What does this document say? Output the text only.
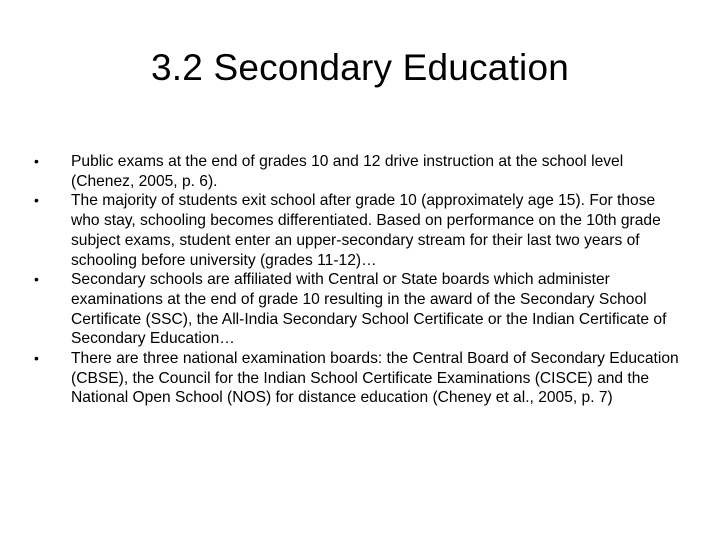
3.2 Secondary Education
•	Public exams at the end of grades 10 and 12 drive instruction at the school level (Chenez, 2005, p. 6).
•	The majority of students exit school after grade 10 (approximately age 15). For those who stay, schooling becomes differentiated. Based on performance on the 10th grade subject exams, student enter an upper-secondary stream for their last two years of schooling before university (grades 11-12)…
•	Secondary schools are affiliated with Central or State boards which administer examinations at the end of grade 10 resulting in the award of the Secondary School Certificate (SSC), the All-India Secondary School Certificate or the Indian Certificate of Secondary Education…
•	There are three national examination boards: the Central Board of Secondary Education (CBSE), the Council for the Indian School Certificate Examinations (CISCE) and the National Open School (NOS) for distance education (Cheney et al., 2005, p. 7)
